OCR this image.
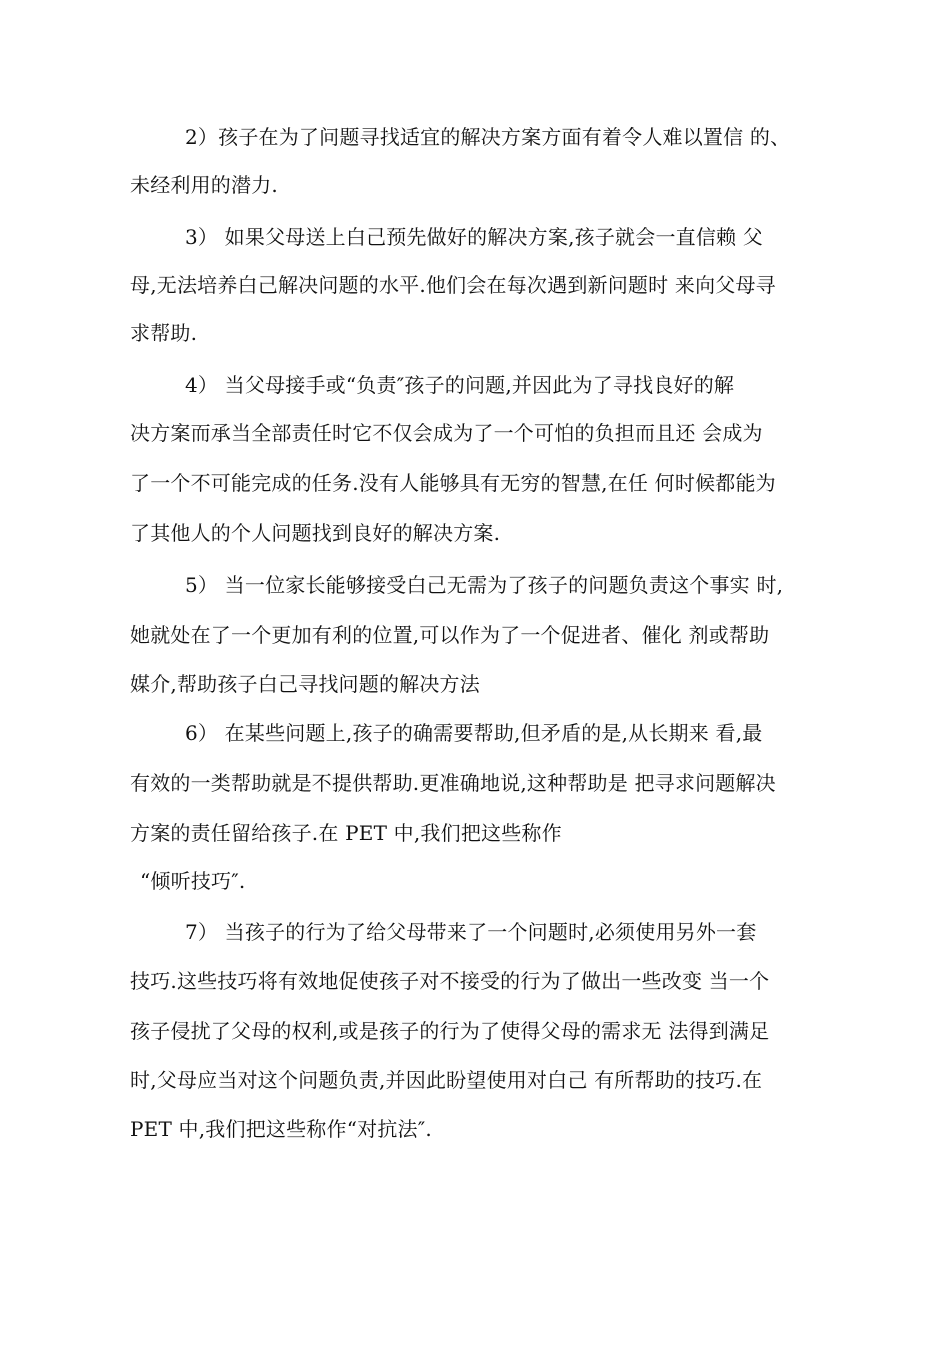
2）孩子在为了问题寻找适宜的解决方案方面有着令人难以置信 的、
未经利用的潜力.
3） 如果父母送上白己预先做好的解决方案,孩子就会一直信赖 父
母,无法培养白己解决问题的水平.他们会在每次遇到新问题时 来向父母寻
求帮助.
4） 当父母接手或“负责″孩子的问题,并因此为了寻找良好的解
决方案而承当全部责任时它不仅会成为了一个可怕的负担而且还 会成为
了一个不可能完成的任务.没有人能够具有无穷的智慧,在任 何时候都能为
了其他人的个人问题找到良好的解决方案.
5） 当一位家长能够接受白己无需为了孩子的问题负责这个事实 时,
她就处在了一个更加有利的位置,可以作为了一个促进者、催化 剂或帮助
媒介,帮助孩子白己寻找问题的解决方法
6） 在某些问题上,孩子的确需要帮助,但矛盾的是,从长期来 看,最
有效的一类帮助就是不提供帮助.更准确地说,这种帮助是 把寻求问题解决
方案的责任留给孩子.在 PET 中,我们把这些称作
“倾听技巧″.
7） 当孩子的行为了给父母带来了一个问题时,必须使用另外一套
技巧.这些技巧将有效地促使孩子对不接受的行为了做出一些改变 当一个
孩子侵扰了父母的权利,或是孩子的行为了使得父母的需求无 法得到满足
时,父母应当对这个问题负责,并因此盼望使用对白己 有所帮助的技巧.在
PET 中,我们把这些称作“对抗法″.
